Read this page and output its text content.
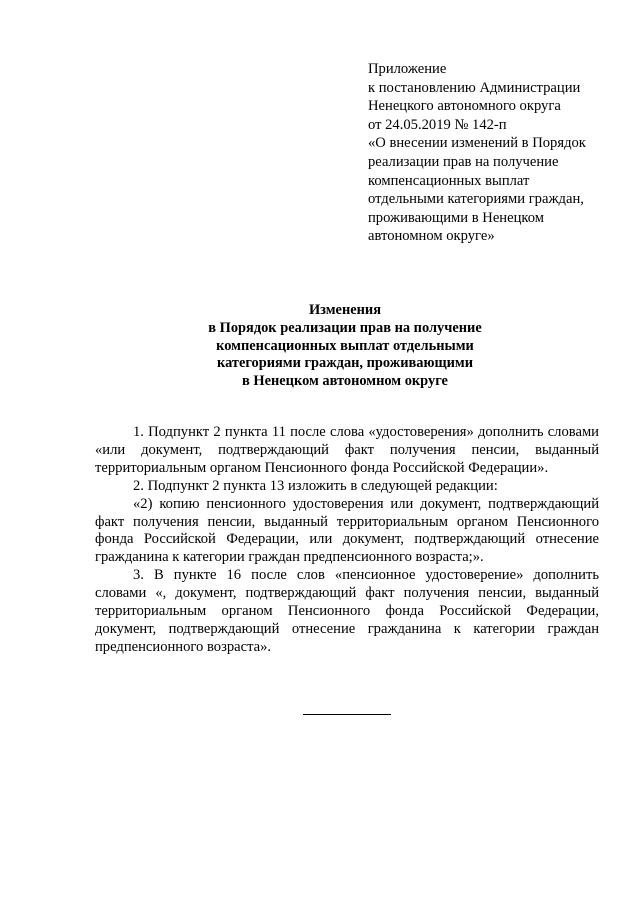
Приложение
к постановлению Администрации
Ненецкого автономного округа
от 24.05.2019 № 142-п
«О внесении изменений в Порядок
реализации прав на получение
компенсационных выплат
отдельными категориями граждан,
проживающими в Ненецком
автономном округе»
Изменения
в Порядок реализации прав на получение
компенсационных выплат отдельными
категориями граждан, проживающими
в Ненецком автономном округе

1. Подпункт 2 пункта 11 после слова «удостоверения» дополнить словами «или документ, подтверждающий факт получения пенсии, выданный территориальным органом Пенсионного фонда Российской Федерации».

2. Подпункт 2 пункта 13 изложить в следующей редакции:

«2) копию пенсионного удостоверения или документ, подтверждающий факт получения пенсии, выданный территориальным органом Пенсионного фонда Российской Федерации, или документ, подтверждающий отнесение гражданина к категории граждан предпенсионного возраста;».

3. В пункте 16 после слов «пенсионное удостоверение» дополнить словами «, документ, подтверждающий факт получения пенсии, выданный территориальным органом Пенсионного фонда Российской Федерации, документ, подтверждающий отнесение гражданина к категории граждан предпенсионного возраста».
